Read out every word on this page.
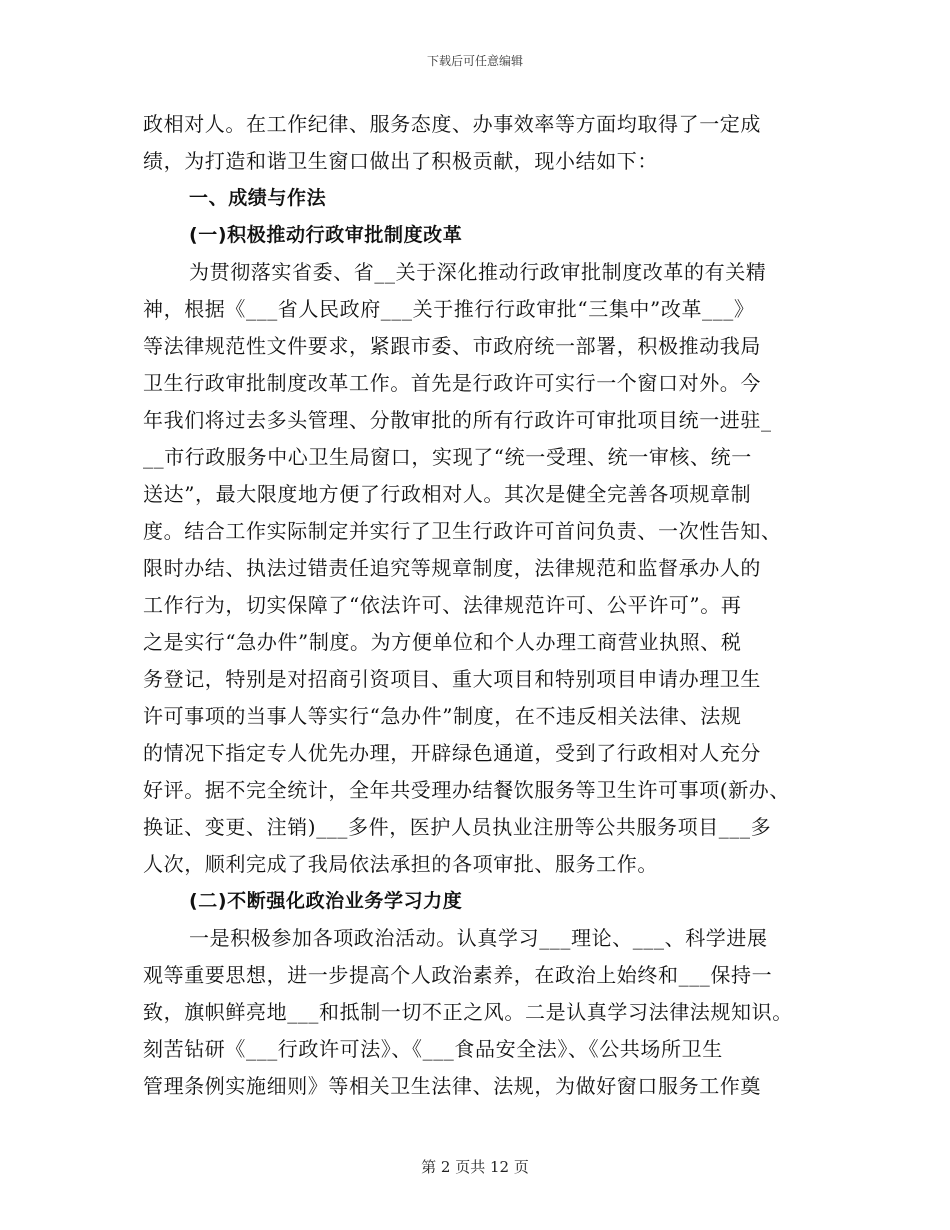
下载后可任意编辑
政相对人。在工作纪律、服务态度、办事效率等方面均取得了一定成
绩，为打造和谐卫生窗口做出了积极贡献，现小结如下：
一、成绩与作法
(一)积极推动行政审批制度改革
为贯彻落实省委、省__关于深化推动行政审批制度改革的有关精
神，根据《___省人民政府___关于推行行政审批“三集中”改革___》
等法律规范性文件要求，紧跟市委、市政府统一部署，积极推动我局
卫生行政审批制度改革工作。首先是行政许可实行一个窗口对外。今
年我们将过去多头管理、分散审批的所有行政许可审批项目统一进驻_
__市行政服务中心卫生局窗口，实现了“统一受理、统一审核、统一
送达”，最大限度地方便了行政相对人。其次是健全完善各项规章制
度。结合工作实际制定并实行了卫生行政许可首问负责、一次性告知、
限时办结、执法过错责任追究等规章制度，法律规范和监督承办人的
工作行为，切实保障了“依法许可、法律规范许可、公平许可”。再
之是实行“急办件”制度。为方便单位和个人办理工商营业执照、税
务登记，特别是对招商引资项目、重大项目和特别项目申请办理卫生
许可事项的当事人等实行“急办件”制度，在不违反相关法律、法规
的情况下指定专人优先办理，开辟绿色通道，受到了行政相对人充分
好评。据不完全统计，全年共受理办结餐饮服务等卫生许可事项(新办、
换证、变更、注销)___多件，医护人员执业注册等公共服务项目___多
人次，顺利完成了我局依法承担的各项审批、服务工作。
(二)不断强化政治业务学习力度
一是积极参加各项政治活动。认真学习___理论、___、科学进展
观等重要思想，进一步提高个人政治素养，在政治上始终和___保持一
致，旗帜鲜亮地___和抵制一切不正之风。二是认真学习法律法规知识。
刻苦钻研《___行政许可法》、《___食品安全法》、《公共场所卫生
管理条例实施细则》等相关卫生法律、法规，为做好窗口服务工作奠
第 2 页共 12 页
